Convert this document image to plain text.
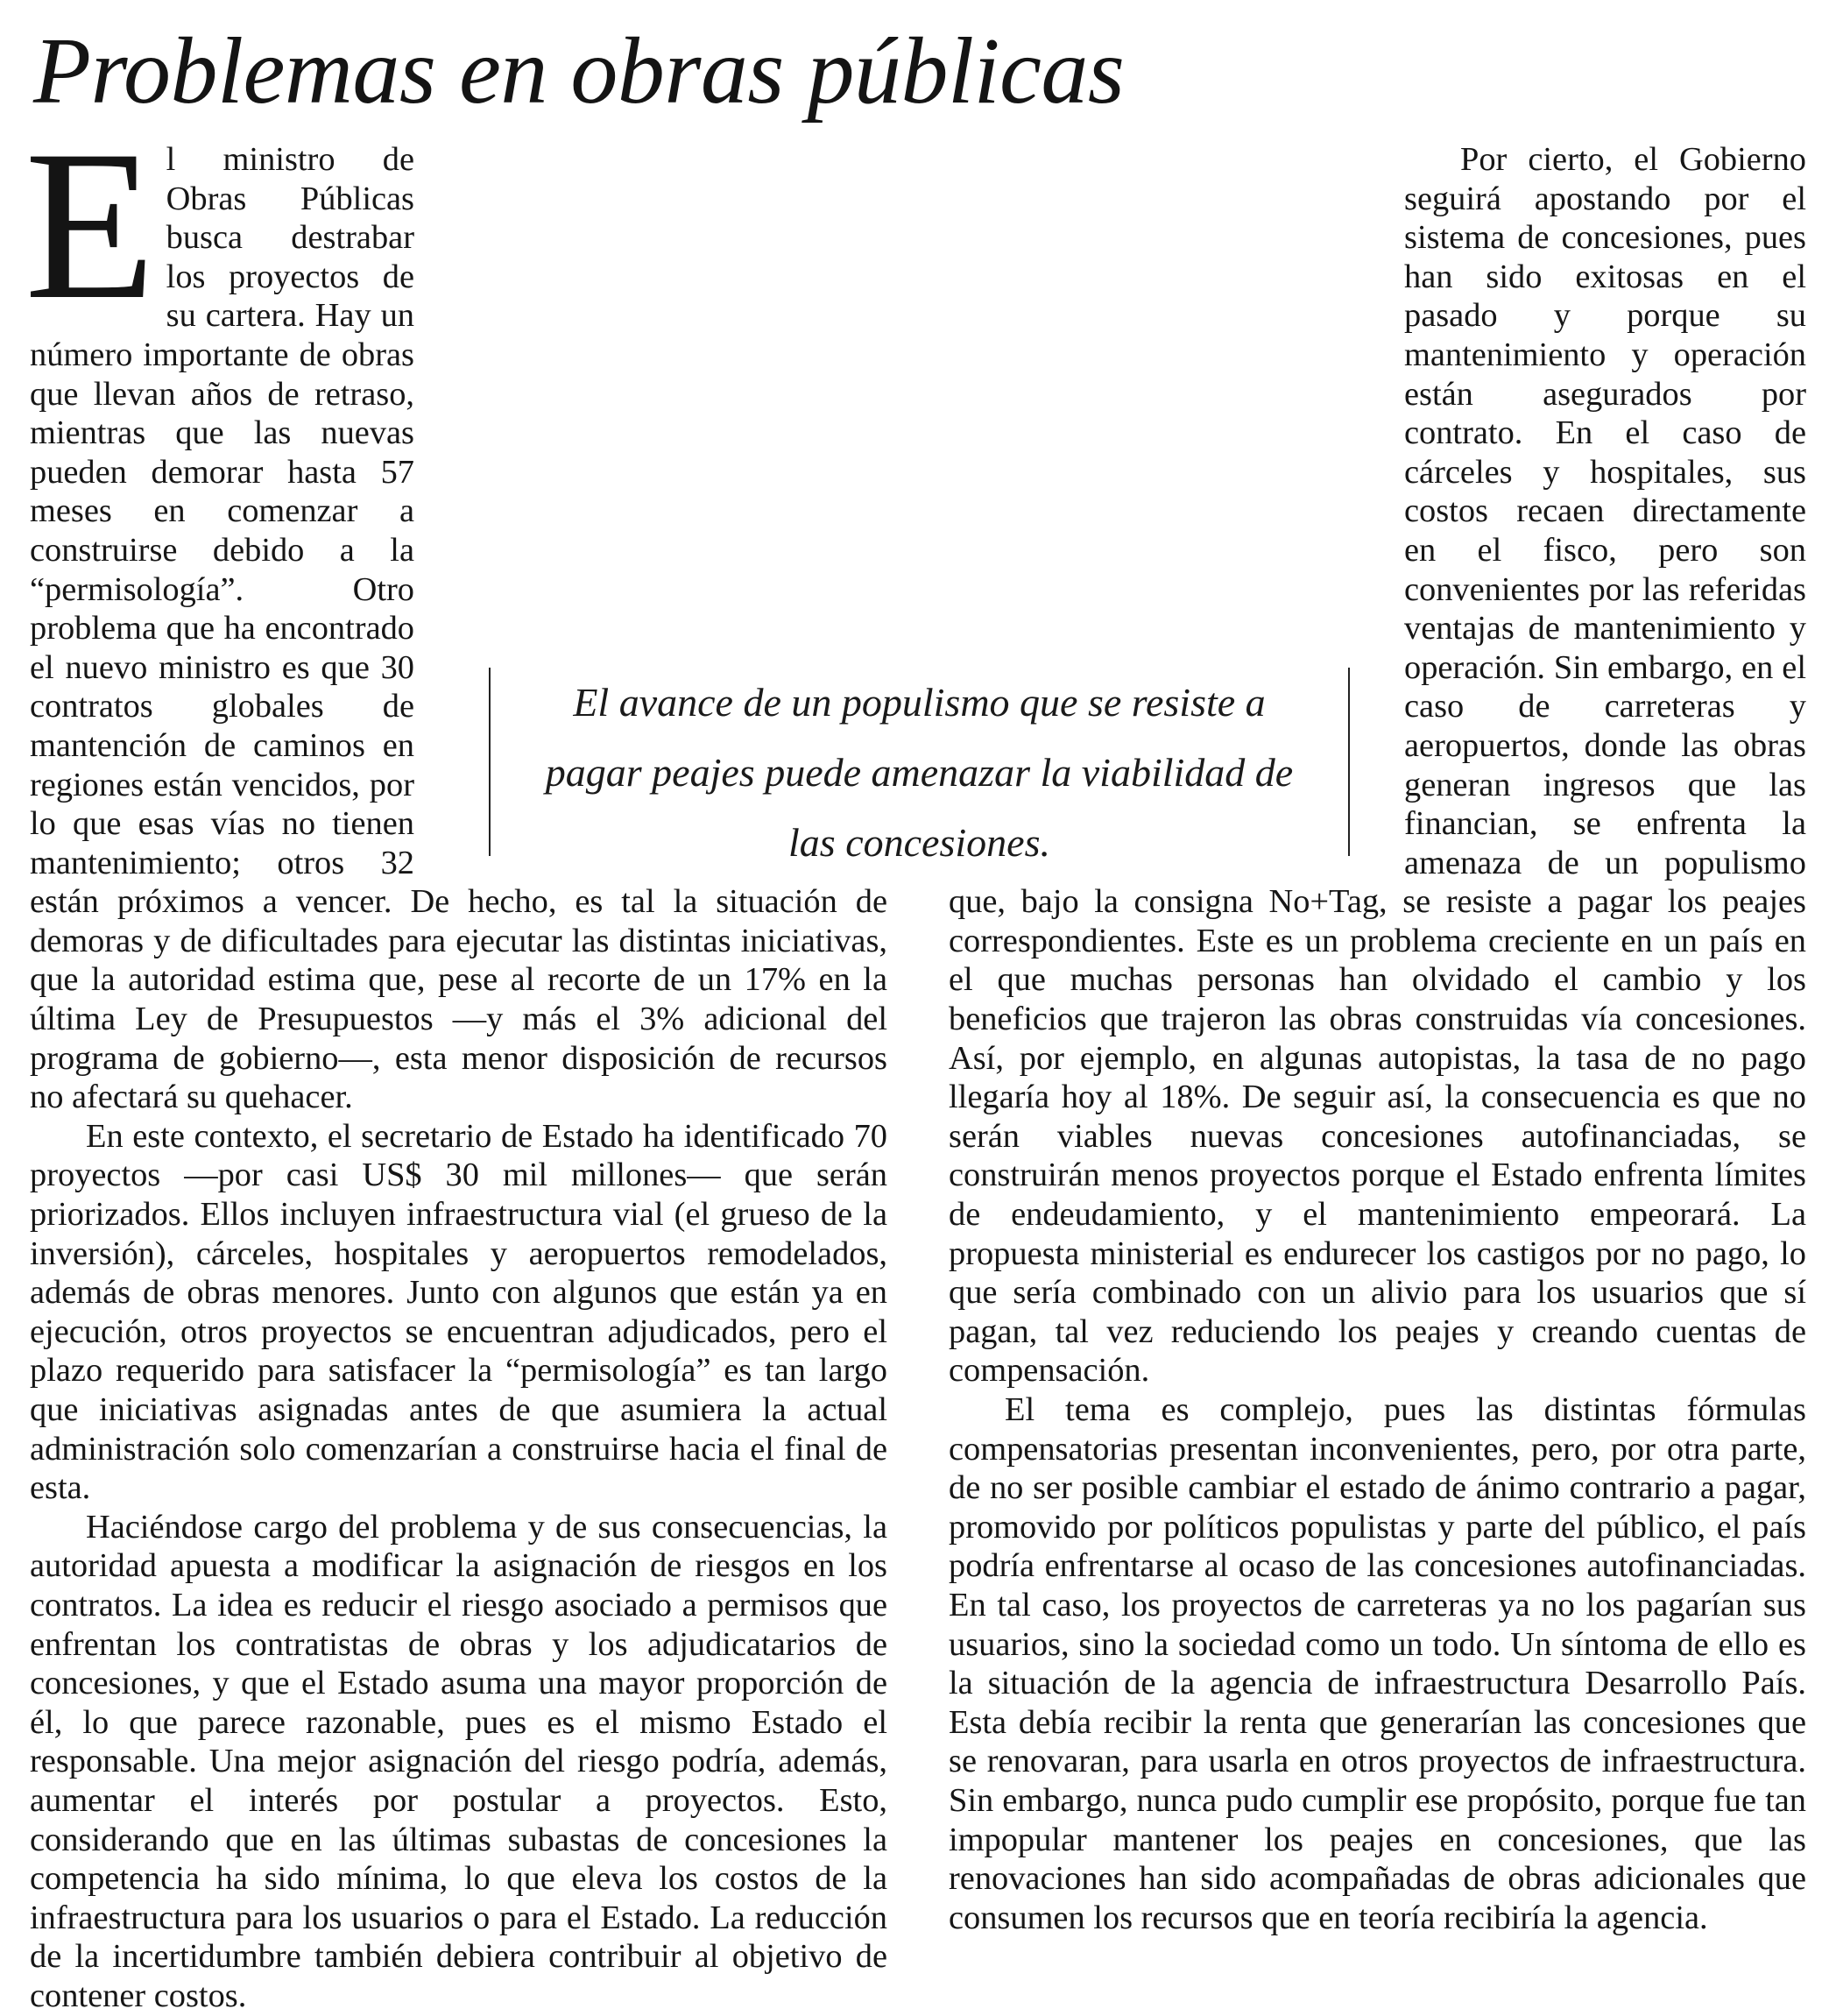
Problemas en obras públicas

El ministro de Obras Públicas busca destrabar los proyectos de su cartera. Hay un número importante de obras que llevan años de retraso, mientras que las nuevas pueden demorar hasta 57 meses en comenzar a construirse debido a la “permisología”. Otro problema que ha encontrado el nuevo ministro es que 30 contratos globales de mantención de caminos en regiones están vencidos, por lo que esas vías no tienen mantenimiento; otros 32 están próximos a vencer. De hecho, es tal la situación de demoras y de dificultades para ejecutar las distintas iniciativas, que la autoridad estima que, pese al recorte de un 17% en la última Ley de Presupuestos —y más el 3% adicional del programa de gobierno—, esta menor disposición de recursos no afectará su quehacer.

En este contexto, el secretario de Estado ha identificado 70 proyectos —por casi US$ 30 mil millones— que serán priorizados. Ellos incluyen infraestructura vial (el grueso de la inversión), cárceles, hospitales y aeropuertos remodelados, además de obras menores. Junto con algunos que están ya en ejecución, otros proyectos se encuentran adjudicados, pero el plazo requerido para satisfacer la “permisología” es tan largo que iniciativas asignadas antes de que asumiera la actual administración solo comenzarían a construirse hacia el final de esta.

Haciéndose cargo del problema y de sus consecuencias, la autoridad apuesta a modificar la asignación de riesgos en los contratos. La idea es reducir el riesgo asociado a permisos que enfrentan los contratistas de obras y los adjudicatarios de concesiones, y que el Estado asuma una mayor proporción de él, lo que parece razonable, pues es el mismo Estado el responsable. Una mejor asignación del riesgo podría, además, aumentar el interés por postular a proyectos. Esto, considerando que en las últimas subastas de concesiones la competencia ha sido mínima, lo que eleva los costos de la infraestructura para los usuarios o para el Estado. La reducción de la incertidumbre también debiera contribuir al objetivo de contener costos.

Por cierto, el Gobierno seguirá apostando por el sistema de concesiones, pues han sido exitosas en el pasado y porque su mantenimiento y operación están asegurados por contrato. En el caso de cárceles y hospitales, sus costos recaen directamente en el fisco, pero son convenientes por las referidas ventajas de mantenimiento y operación. Sin embargo, en el caso de carreteras y aeropuertos, donde las obras generan ingresos que las financian, se enfrenta la amenaza de un populismo que, bajo la consigna No+Tag, se resiste a pagar los peajes correspondientes. Este es un problema creciente en un país en el que muchas personas han olvidado el cambio y los beneficios que trajeron las obras construidas vía concesiones. Así, por ejemplo, en algunas autopistas, la tasa de no pago llegaría hoy al 18%. De seguir así, la consecuencia es que no serán viables nuevas concesiones autofinanciadas, se construirán menos proyectos porque el Estado enfrenta límites de endeudamiento, y el mantenimiento empeorará. La propuesta ministerial es endurecer los castigos por no pago, lo que sería combinado con un alivio para los usuarios que sí pagan, tal vez reduciendo los peajes y creando cuentas de compensación.

El tema es complejo, pues las distintas fórmulas compensatorias presentan inconvenientes, pero, por otra parte, de no ser posible cambiar el estado de ánimo contrario a pagar, promovido por políticos populistas y parte del público, el país podría enfrentarse al ocaso de las concesiones autofinanciadas. En tal caso, los proyectos de carreteras ya no los pagarían sus usuarios, sino la sociedad como un todo. Un síntoma de ello es la situación de la agencia de infraestructura Desarrollo País. Esta debía recibir la renta que generarían las concesiones que se renovaran, para usarla en otros proyectos de infraestructura. Sin embargo, nunca pudo cumplir ese propósito, porque fue tan impopular mantener los peajes en concesiones, que las renovaciones han sido acompañadas de obras adicionales que consumen los recursos que en teoría recibiría la agencia.

El avance de un populismo que se resiste a pagar peajes puede amenazar la viabilidad de las concesiones.
